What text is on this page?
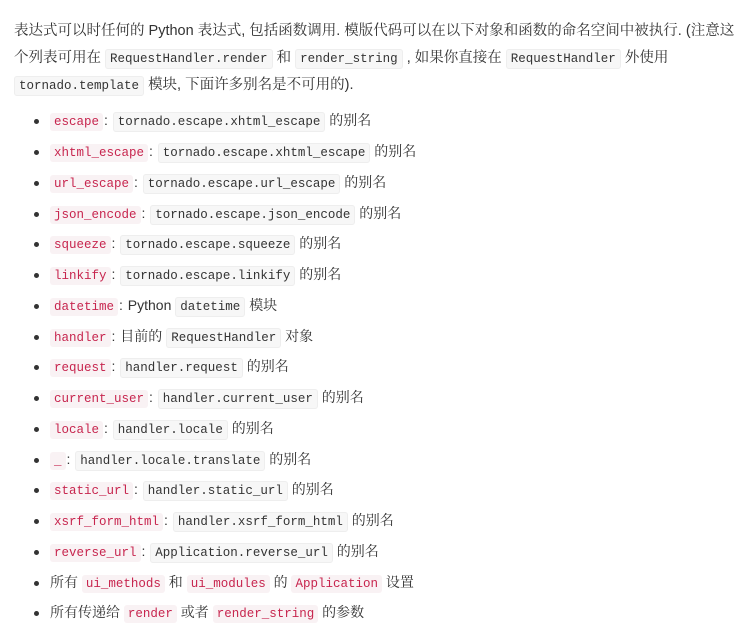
表达式可以时任何的 Python 表达式, 包括函数调用. 模版代码可以在以下对象和函数的命名空间中被执行. (注意这个列表可用在 RequestHandler.render 和 render_string , 如果你直接在 RequestHandler 外使用 tornado.template 模块, 下面许多别名是不可用的).

escape : tornado.escape.xhtml_escape 的别名
xhtml_escape : tornado.escape.xhtml_escape 的别名
url_escape : tornado.escape.url_escape 的别名
json_encode : tornado.escape.json_encode 的别名
squeeze : tornado.escape.squeeze 的别名
linkify : tornado.escape.linkify 的别名
datetime : Python datetime 模块
handler : 目前的 RequestHandler 对象
request : handler.request 的别名
current_user : handler.current_user 的别名
locale : handler.locale 的别名
_ : handler.locale.translate 的别名
static_url : handler.static_url 的别名
xsrf_form_html : handler.xsrf_form_html 的别名
reverse_url : Application.reverse_url 的别名
所有 ui_methods 和 ui_modules 的 Application 设置
所有传递给 render 或者 render_string 的参数
